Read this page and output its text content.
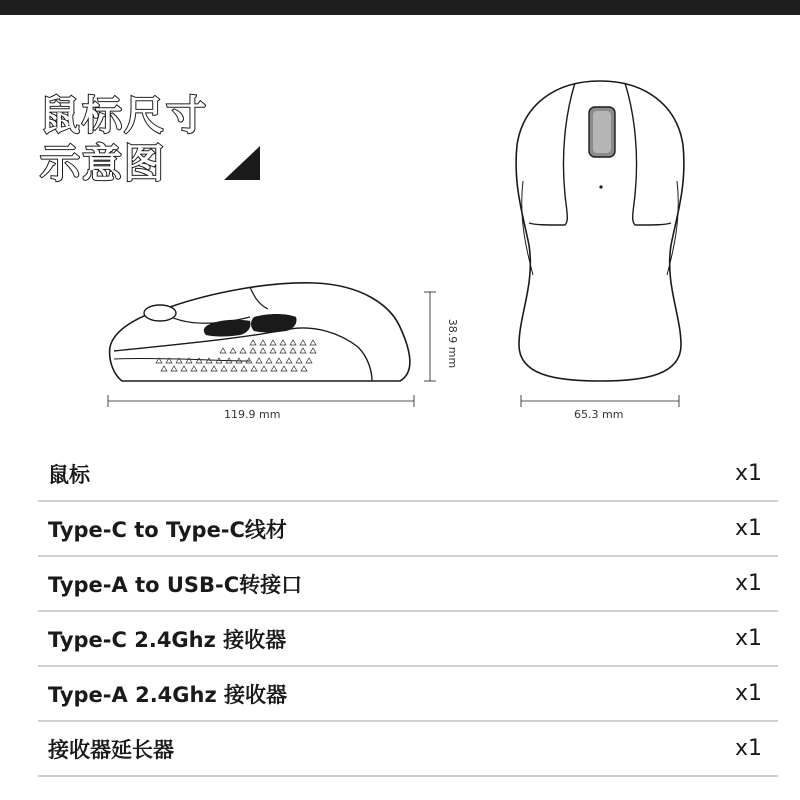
鼠标尺寸
示意图
119.9 mm
38.9 mm
65.3 mm
鼠标	x1
Type-C to Type-C线材	x1
Type-A to USB-C转接口	x1
Type-C 2.4Ghz 接收器	x1
Type-A 2.4Ghz 接收器	x1
接收器延长器	x1
